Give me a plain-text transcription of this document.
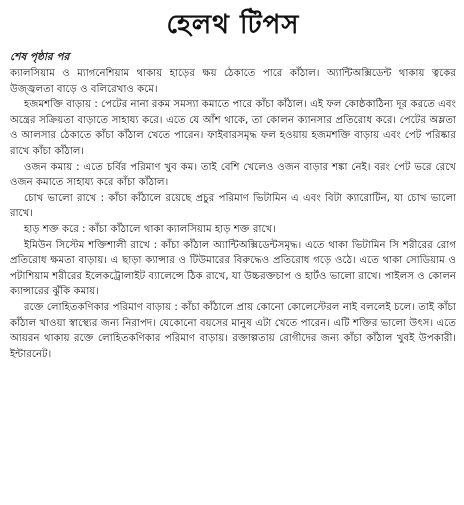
হেলথ টিপস
শেষ পৃষ্ঠার পর

ক্যালসিয়াম ও ম্যাগনেশিয়াম থাকায় হাড়ের ক্ষয় ঠেকাতে পারে কাঁঠাল। অ্যান্টিঅক্সিডেন্ট থাকায় ত্বকের উজ্জ্বলতা বাড়ে ও বলিরেখাও কমে।

হজমশক্তি বাড়ায় : পেটের নানা রকম সমস্যা কমাতে পারে কাঁচা কাঁঠাল। এই ফল কোষ্ঠকাঠিন্য দূর করতে এবং অন্ত্রের সক্রিয়তা বাড়াতে সাহায্য করে। এতে যে আঁশ থাকে, তা কোলন ক্যানসার প্রতিরোধ করে। পেটের অম্লতা ও আলসার ঠেকাতে কাঁচা কাঁঠাল খেতে পারেন। ফাইবারসমৃদ্ধ ফল হওয়ায় হজমশক্তি বাড়ায় এবং পেট পরিষ্কার রাখে কাঁচা কাঁঠাল।

ওজন কমায় : এতে চর্বির পরিমাণ খুব কম। তাই বেশি খেলেও ওজন বাড়ার শঙ্কা নেই। বরং পেট ভরে রেখে ওজন কমাতে সাহায্য করে কাঁচা কাঁঠাল।

চোখ ভালো রাখে : কাঁচা কাঁঠালে রয়েছে প্রচুর পরিমাণ ভিটামিন এ এবং বিটা ক্যারোটিন, যা চোখ ভালো রাখে।

হাড় শক্ত করে : কাঁচা কাঁঠালে থাকা ক্যালসিয়াম হাড় শক্ত রাখে।

ইমিউন সিস্টেম শক্তিশালী রাখে : কাঁচা কাঁঠাল অ্যান্টিঅক্সিডেন্টসমৃদ্ধ। এতে থাকা ভিটামিন সি শরীরের রোগ প্রতিরোধ ক্ষমতা বাড়ায়। এ ছাড়া ক্যান্সার ও টিউমারের বিরুদ্ধেও প্রতিরোধ গড়ে ওঠে। এতে থাকা সোডিয়াম ও পটাশিয়াম শরীরের ইলেকট্রোলাইট ব্যালেন্সে ঠিক রাখে, যা উচ্চরক্তচাপ ও হার্টও ভালো রাখে। পাইলস ও কোলন ক্যান্সারের ঝুঁকি কমায়।

রক্তে লোহিতকণিকার পরিমাণ বাড়ায় : কাঁচা কাঁঠালে প্রায় কোনো কোলেস্টেরল নাই বললেই চলে। তাই কাঁচা কাঁঠাল খাওয়া স্বাস্থ্যের জন্য নিরাপদ। যেকোনো বয়সের মানুষ এটা খেতে পারেন। এটি শক্তির ভালো উৎস। এতে আয়রন থাকায় রক্তে লোহিতকণিকার পরিমাণ বাড়ায়। রক্তাল্পতায় রোগীদের জন্য কাঁচা কাঁঠাল খুবই উপকারী। ইন্টারনেট।
